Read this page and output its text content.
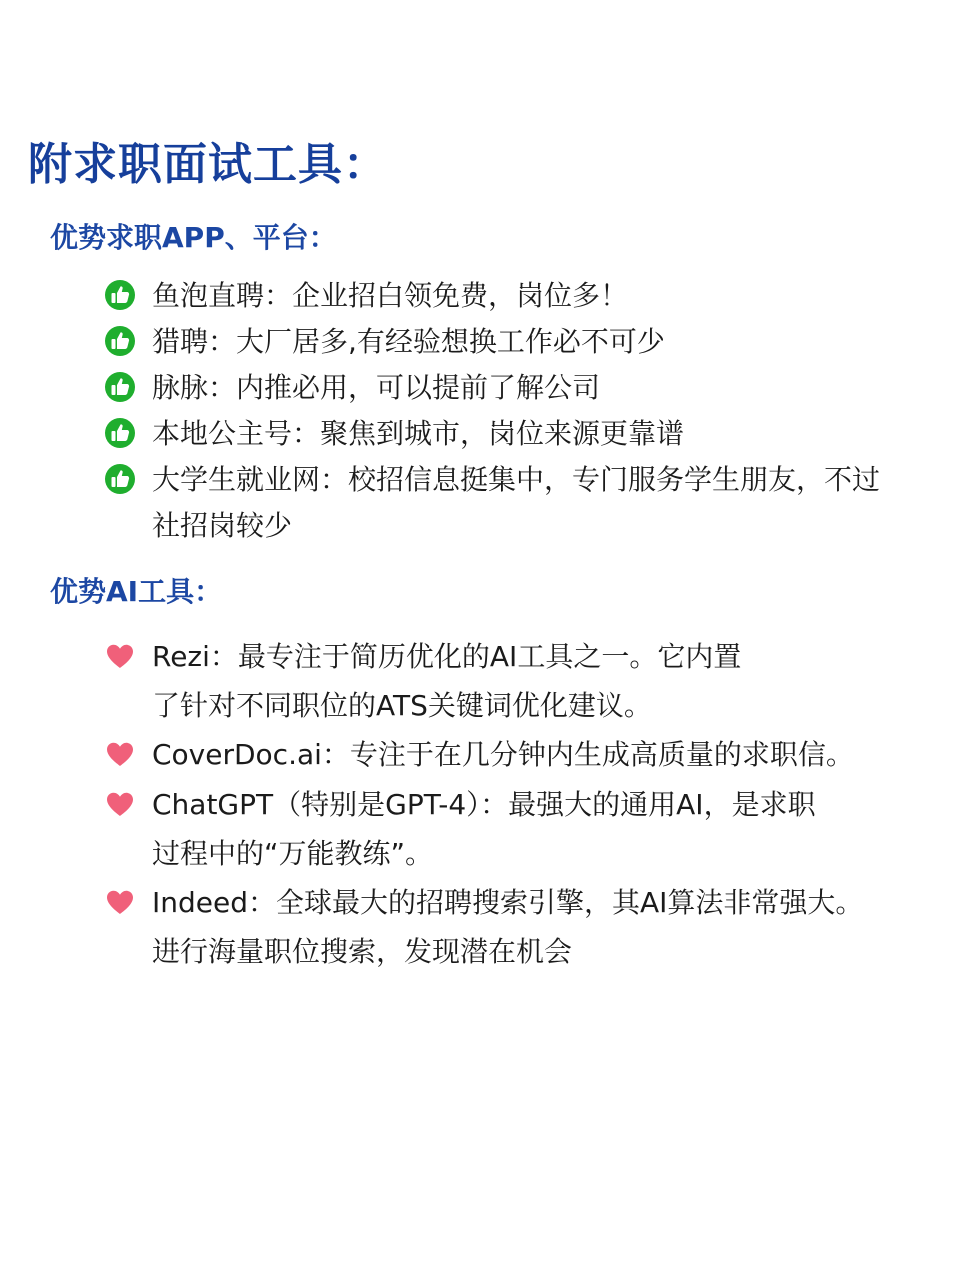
附求职面试工具：
优势求职APP、平台：
鱼泡直聘：企业招白领免费，岗位多！
猎聘：大厂居多,有经验想换工作必不可少
脉脉：内推必用，可以提前了解公司
本地公主号：聚焦到城市，岗位来源更靠谱
大学生就业网：校招信息挺集中，专门服务学生朋友，不过
社招岗较少
优势AI工具：
Rezi：最专注于简历优化的AI工具之一。它内置
了针对不同职位的ATS关键词优化建议。
CoverDoc.ai：专注于在几分钟内生成高质量的求职信。
ChatGPT（特别是GPT-4）：最强大的通用AI，是求职
过程中的“万能教练”。
Indeed：全球最大的招聘搜索引擎，其AI算法非常强大。
进行海量职位搜索，发现潜在机会
